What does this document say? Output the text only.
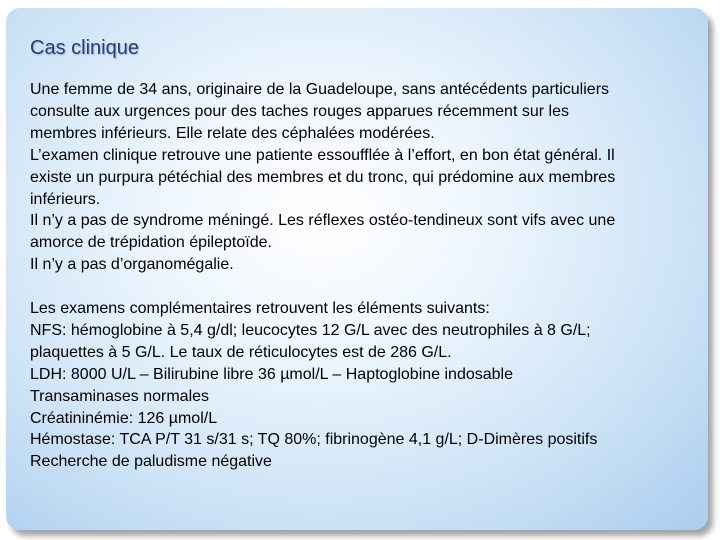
Cas clinique
Une femme de 34 ans, originaire de la Guadeloupe, sans antécédents particuliers
consulte aux urgences pour des taches rouges apparues récemment sur les
membres inférieurs. Elle relate des céphalées modérées.
L’examen clinique retrouve une patiente essoufflée à l’effort, en bon état général. Il
existe un purpura pétéchial des membres et du tronc, qui prédomine aux membres
inférieurs.
Il n’y a pas de syndrome méningé. Les réflexes ostéo-tendineux sont vifs avec une
amorce de trépidation épileptoïde.
Il n’y a pas d’organomégalie.
Les examens complémentaires retrouvent les éléments suivants:
NFS: hémoglobine à 5,4 g/dl; leucocytes 12 G/L avec des neutrophiles à 8 G/L;
plaquettes à 5 G/L. Le taux de réticulocytes est de 286 G/L.
LDH: 8000 U/L – Bilirubine libre 36 µmol/L – Haptoglobine indosable
Transaminases normales
Créatininémie: 126 µmol/L
Hémostase: TCA P/T 31 s/31 s; TQ 80%; fibrinogène 4,1 g/L; D-Dimères positifs
Recherche de paludisme négative
